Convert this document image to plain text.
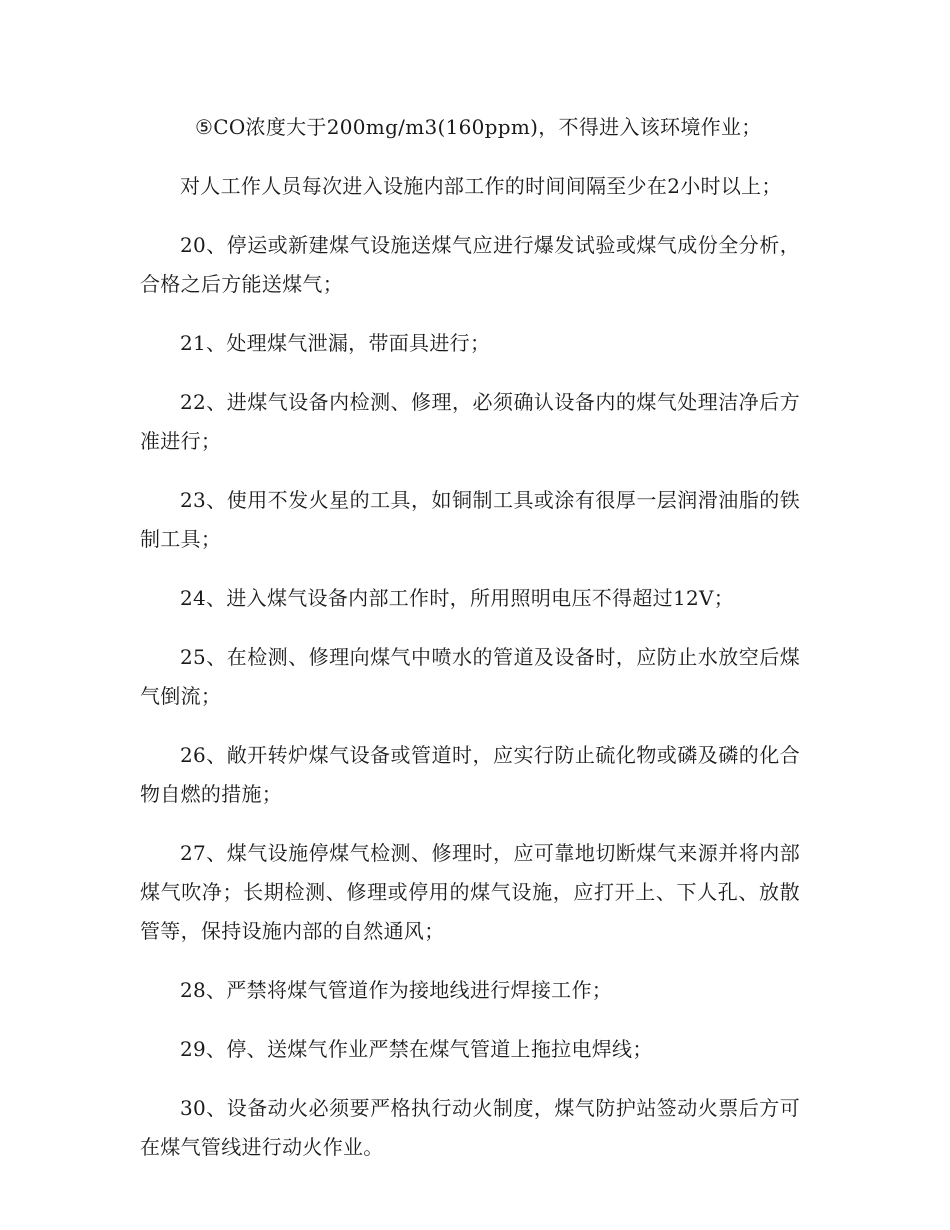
⑤CO浓度大于200mg/m3(160ppm)，不得进入该环境作业；

对人工作人员每次进入设施内部工作的时间间隔至少在2小时以上；

20、停运或新建煤气设施送煤气应进行爆发试验或煤气成份全分析，合格之后方能送煤气；

21、处理煤气泄漏，带面具进行；

22、进煤气设备内检测、修理，必须确认设备内的煤气处理洁净后方准进行；

23、使用不发火星的工具，如铜制工具或涂有很厚一层润滑油脂的铁制工具；

24、进入煤气设备内部工作时，所用照明电压不得超过12V；

25、在检测、修理向煤气中喷水的管道及设备时，应防止水放空后煤气倒流；

26、敞开转炉煤气设备或管道时，应实行防止硫化物或磷及磷的化合物自燃的措施；

27、煤气设施停煤气检测、修理时，应可靠地切断煤气来源并将内部煤气吹净；长期检测、修理或停用的煤气设施，应打开上、下人孔、放散管等，保持设施内部的自然通风；

28、严禁将煤气管道作为接地线进行焊接工作；

29、停、送煤气作业严禁在煤气管道上拖拉电焊线；

30、设备动火必须要严格执行动火制度，煤气防护站签动火票后方可在煤气管线进行动火作业。
